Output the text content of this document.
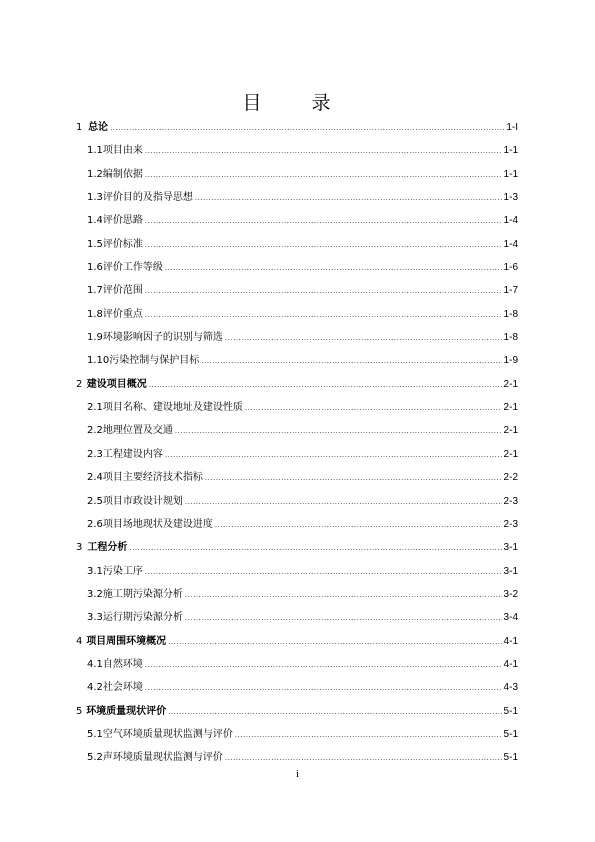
目 录
1 总论 .....	1-I
1.1 项目由来 .....	1-1
1.2 编制依据 .....	1-1
1.3 评价目的及指导思想 .....	1-3
1.4 评价思路 .....	1-4
1.5 评价标准 .....	1-4
1.6 评价工作等级 .....	1-6
1.7 评价范围 .....	1-7
1.8 评价重点 .....	1-8
1.9 环境影响因子的识别与筛选 .....	1-8
1.10 污染控制与保护目标 .....	1-9
2 建设项目概况 .....	2-1
2.1 项目名称、建设地址及建设性质 .....	2-1
2.2 地理位置及交通 .....	2-1
2.3 工程建设内容 .....	2-1
2.4 项目主要经济技术指标 .....	2-2
2.5 项目市政设计规划 .....	2-3
2.6 项目场地现状及建设进度 .....	2-3
3 工程分析 .....	3-1
3.1 污染工序 .....	3-1
3.2 施工期污染源分析 .....	3-2
3.3 运行期污染源分析 .....	3-4
4 项目周围环境概况 .....	4-1
4.1 自然环境 .....	4-1
4.2 社会环境 .....	4-3
5 环境质量现状评价 .....	5-1
5.1 空气环境质量现状监测与评价 .....	5-1
5.2 声环境质量现状监测与评价 .....	5-1
i
